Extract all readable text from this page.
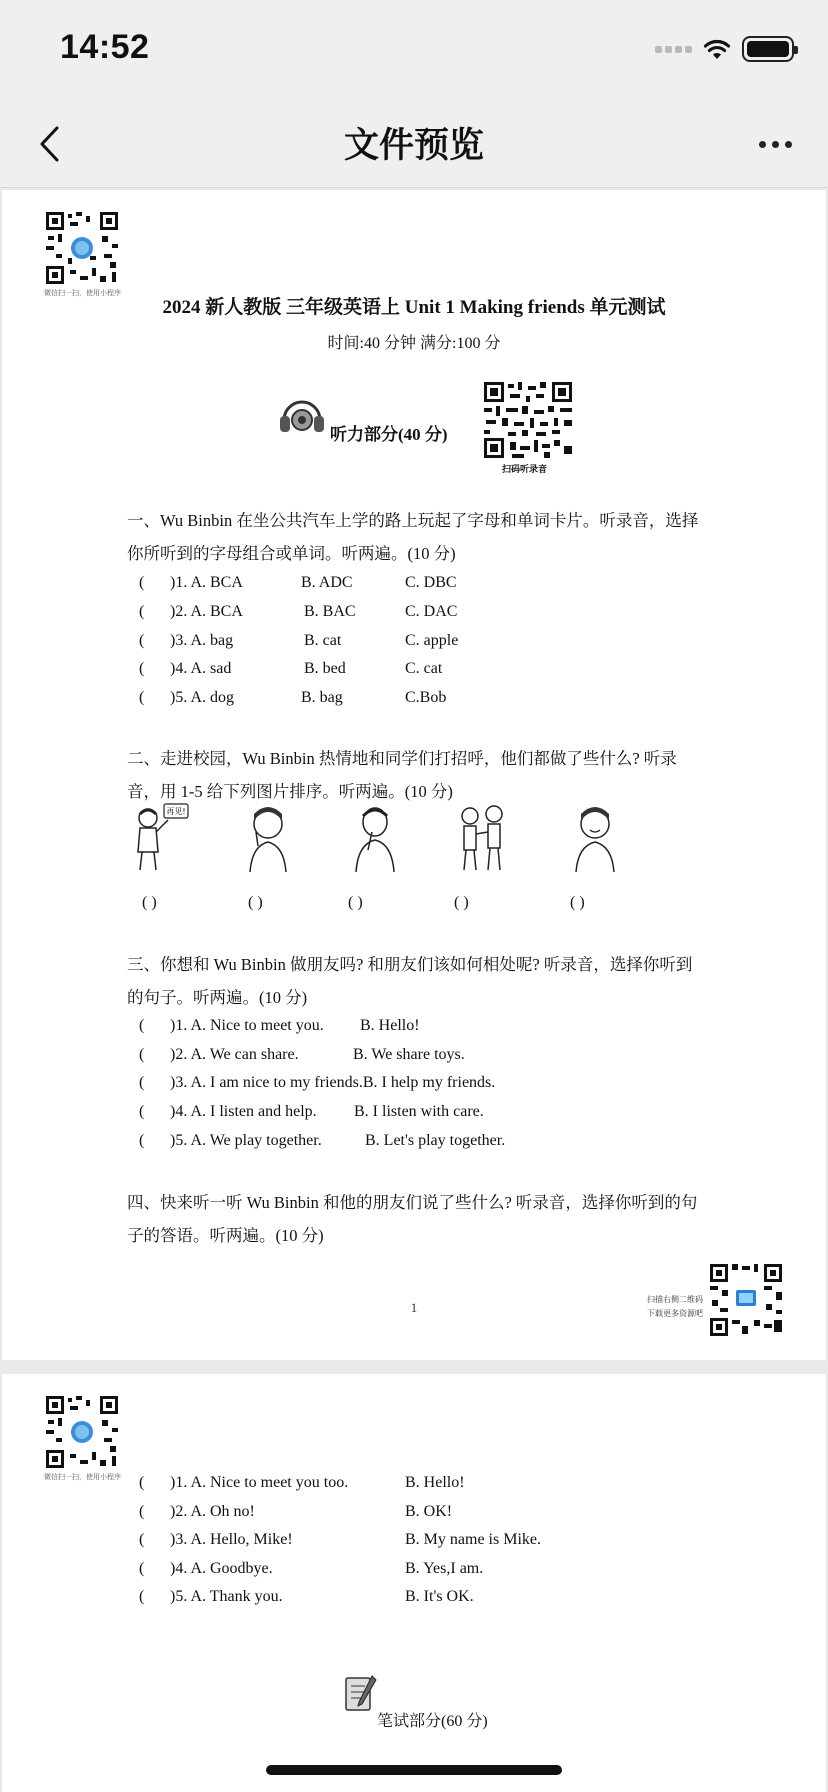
14:52
文件预览
微信扫一扫，使用小程序
2024 新人教版 三年级英语上 Unit 1 Making friends 单元测试
时间:40 分钟 满分:100 分
听力部分(40 分)
扫码听录音
一、Wu Binbin 在坐公共汽车上学的路上玩起了字母和单词卡片。听录音，选择你所听到的字母组合或单词。听两遍。(10 分)
( )1. A. BCA	B. ADC	C. DBC
( )2. A. BCA	B. BAC	C. DAC
( )3. A. bag	B. cat	C. apple
( )4. A. sad	B. bed	C. cat
( )5. A. dog	B. bag	C.Bob
二、走进校园，Wu Binbin 热情地和同学们打招呼，他们都做了些什么? 听录音，用 1-5 给下列图片排序。听两遍。(10 分)
再见!
( )	( )	( )	( )	( )
三、你想和 Wu Binbin 做朋友吗? 和朋友们该如何相处呢? 听录音，选择你听到的句子。听两遍。(10 分)
( )1. A. Nice to meet you. B. Hello!
( )2. A. We can share.	B. We share toys.
( )3. A. I am nice to my friends.B. I help my friends.
( )4. A. I listen and help. B. I listen with care.
( )5. A. We play together.	B. Let's play together.
四、快来听一听 Wu Binbin 和他的朋友们说了些什么? 听录音，选择你听到的句子的答语。听两遍。(10 分)
1
扫描右侧二维码
下载更多资源吧
微信扫一扫，使用小程序 ( )1. A. Nice to meet you too.	B. Hello!
( )2. A. Oh no!	B. OK!
( )3. A. Hello, Mike!	B. My name is Mike.
( )4. A. Goodbye.	B. Yes,I am.
( )5. A. Thank you.	B. It's OK.
笔试部分(60 分)
